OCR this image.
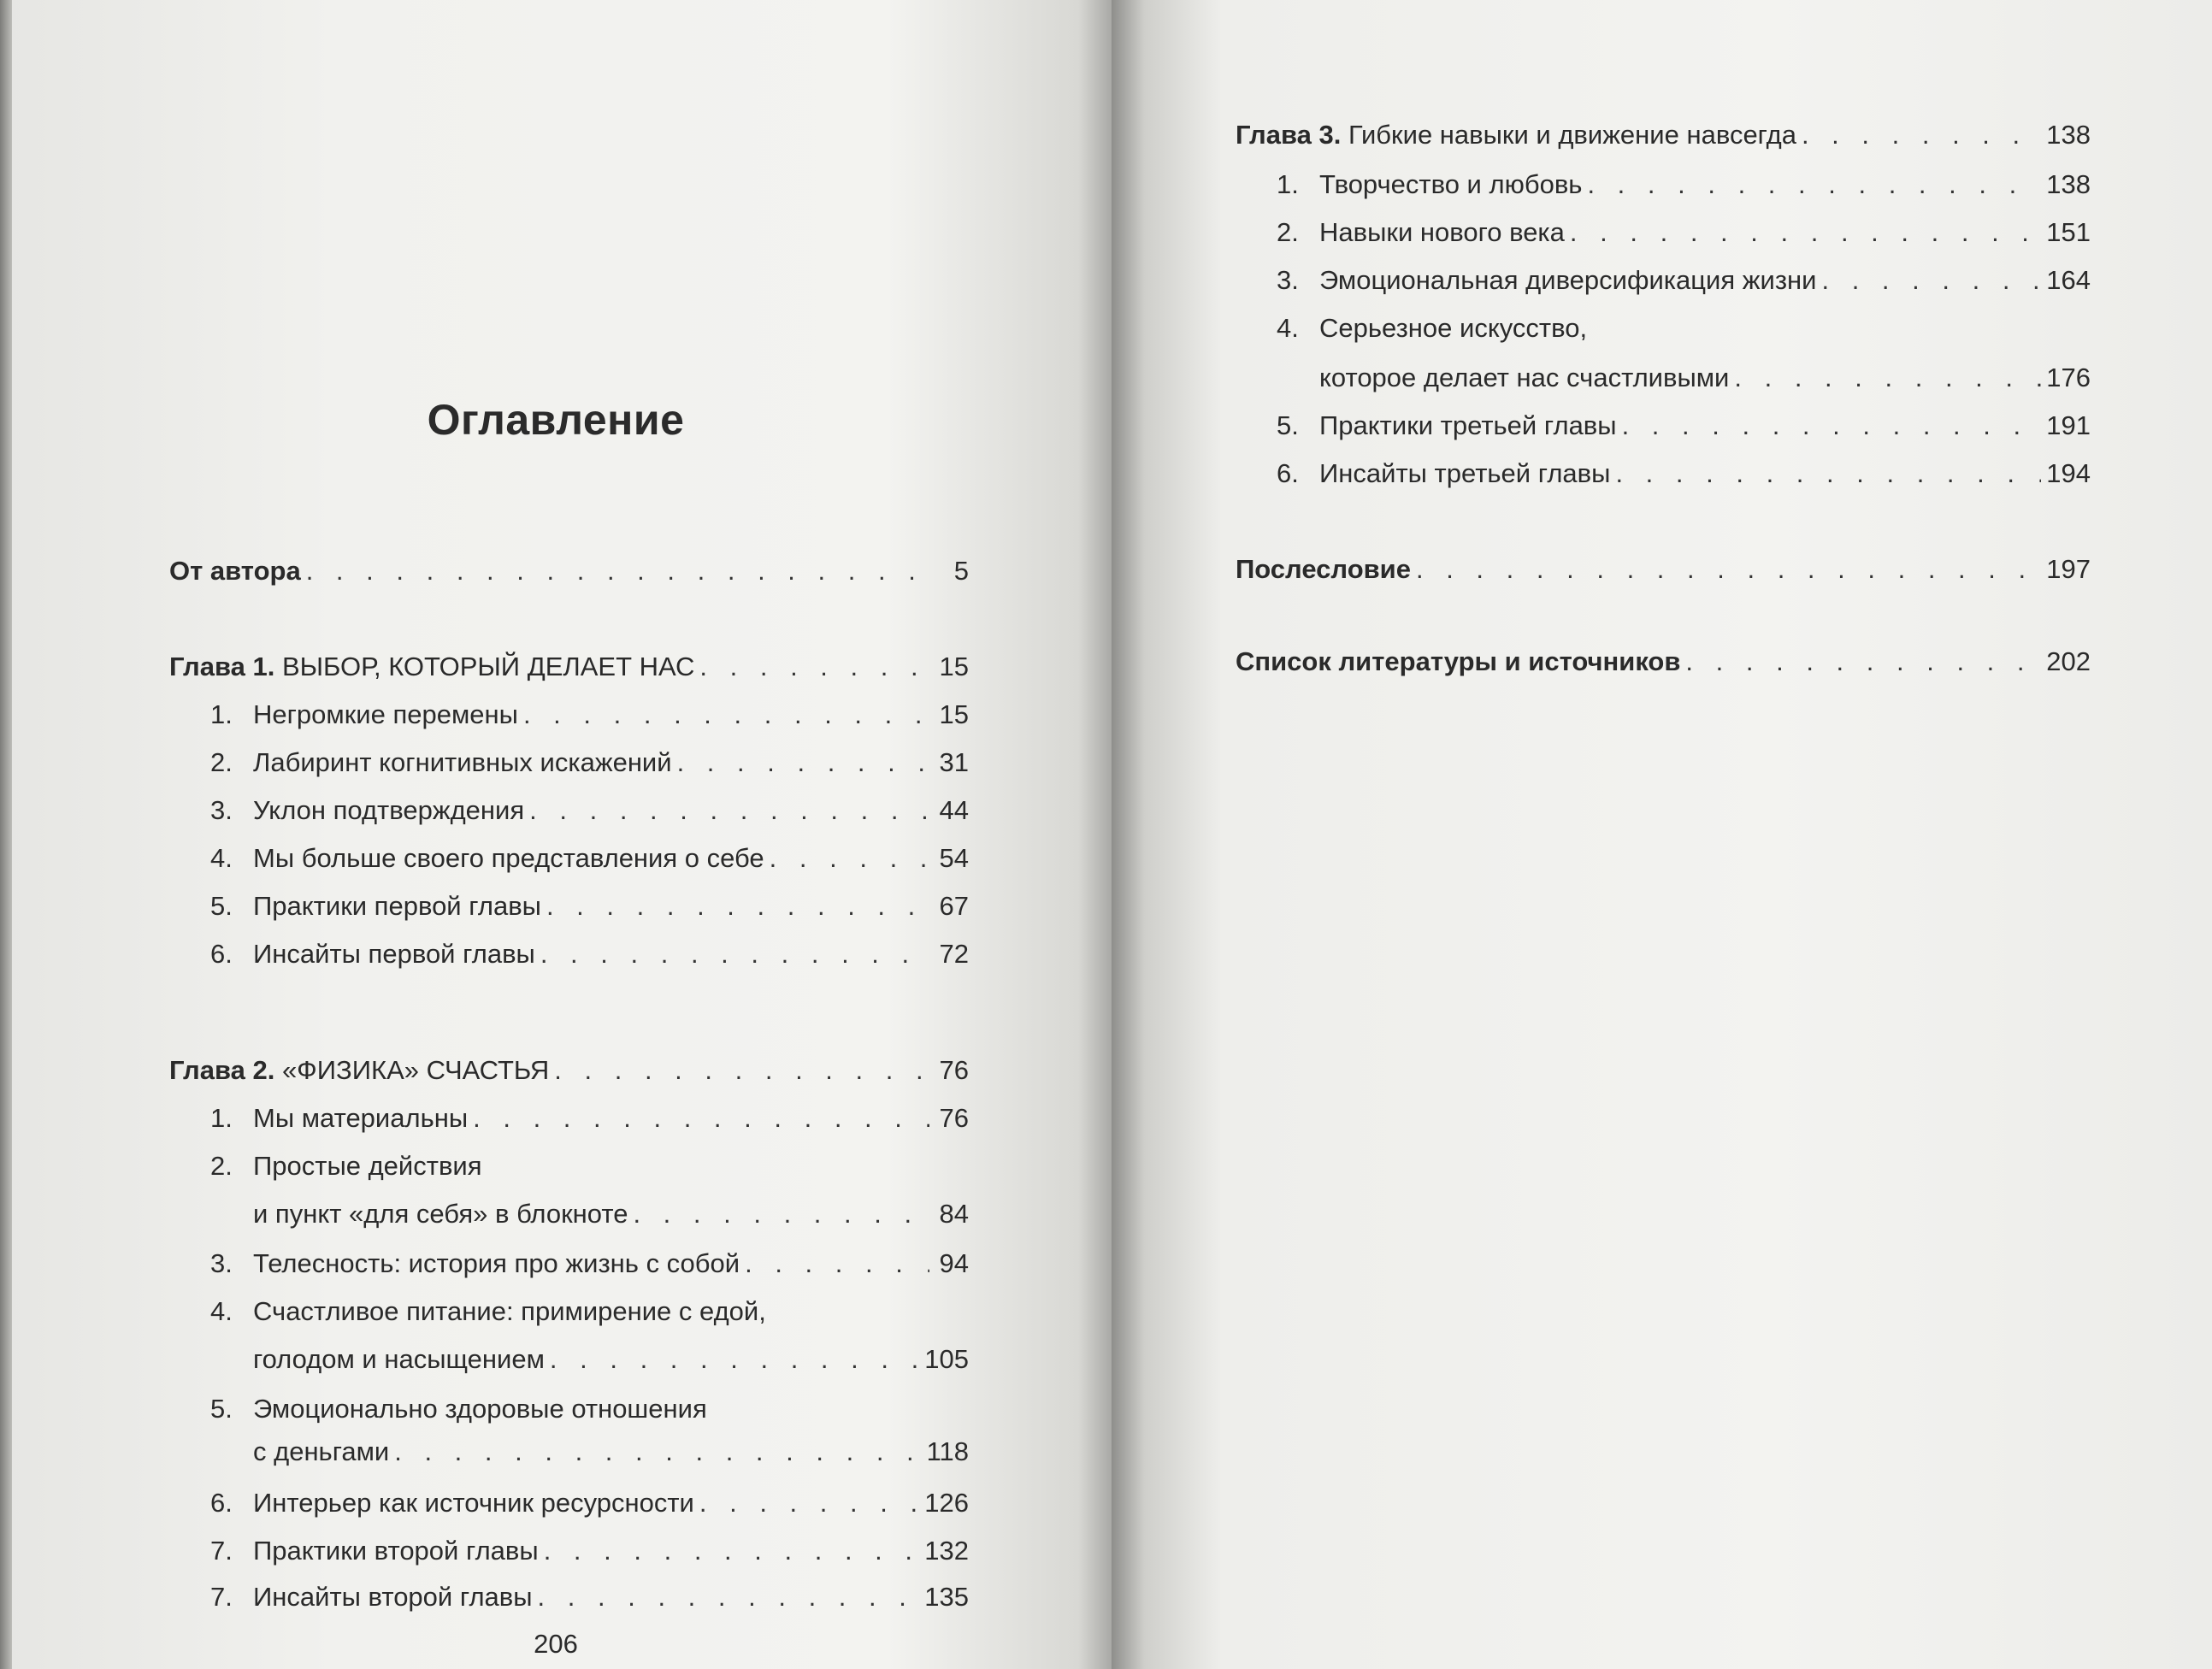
Оглавление
От автора . . .	5
Глава 1. ВЫБОР, КОТОРЫЙ ДЕЛАЕТ НАС . . .	15
1. Негромкие перемены . . .	15
2. Лабиринт когнитивных искажений . . .	31
3. Уклон подтверждения . . .	44
4. Мы больше своего представления о себе . . .	54
5. Практики первой главы . . .	67
6. Инсайты первой главы . . .	72
Глава 2. «ФИЗИКА» СЧАСТЬЯ . . .	76
1. Мы материальны . . .	76
2. Простые действия
и пункт «для себя» в блокноте . . .	84
3. Телесность: история про жизнь с собой . . .	94
4. Счастливое питание: примирение с едой,
голодом и насыщением . . .	105
5. Эмоционально здоровые отношения
с деньгами . . .	118
6. Интерьер как источник ресурсности . . .	126
7. Практики второй главы . . .	132
7. Инсайты второй главы . . .	135
206
Глава 3. Гибкие навыки и движение навсегда . . .	138
1. Творчество и любовь . . .	138
2. Навыки нового века . . .	151
3. Эмоциональная диверсификация жизни . . .	164
4. Серьезное искусство,
которое делает нас счастливыми . . .	176
5. Практики третьей главы . . .	191
6. Инсайты третьей главы . . .	194
Послесловие . . .	197
Список литературы и источников . . .	202
